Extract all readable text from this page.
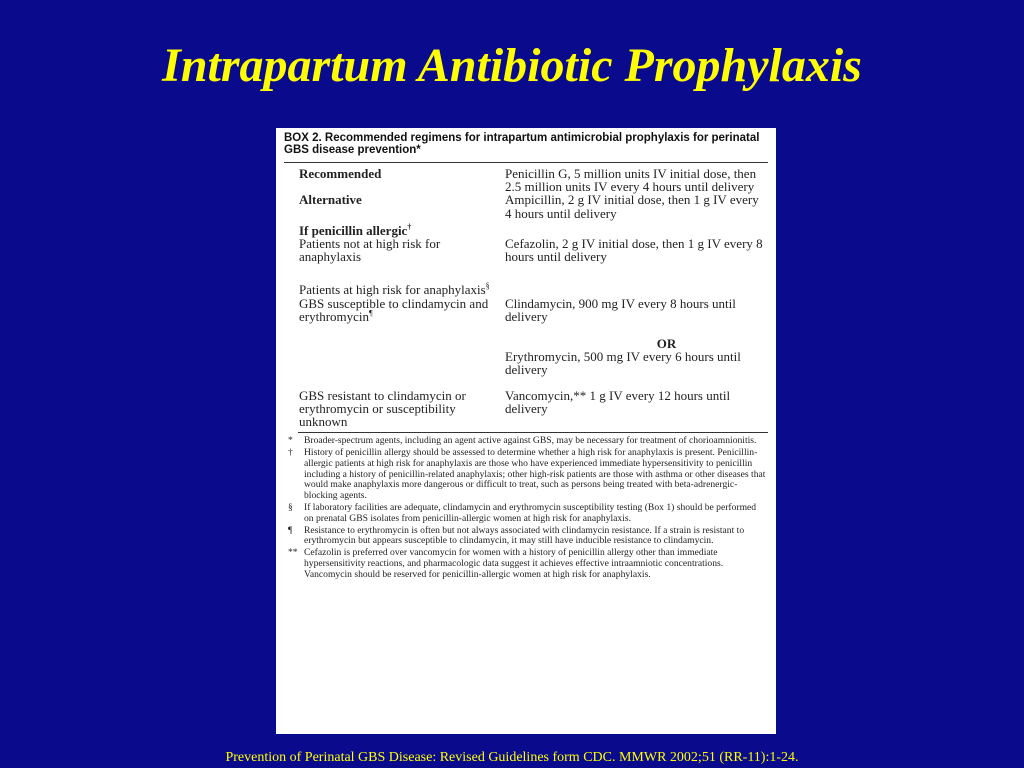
Intrapartum Antibiotic Prophylaxis
BOX 2. Recommended regimens for intrapartum antimicrobial prophylaxis for perinatal GBS disease prevention*
Recommended	Penicillin G, 5 million units IV initial dose, then 2.5 million units IV every 4 hours until delivery
Alternative	Ampicillin, 2 g IV initial dose, then 1 g IV every 4 hours until delivery
If penicillin allergic†	
Patients not at high risk for anaphylaxis	Cefazolin, 2 g IV initial dose, then 1 g IV every 8 hours until delivery
Patients at high risk for anaphylaxis§	
GBS susceptible to clindamycin and erythromycin¶	Clindamycin, 900 mg IV every 8 hours until delivery
OR
Erythromycin, 500 mg IV every 6 hours until delivery

GBS resistant to clindamycin or erythromycin or susceptibility unknown	Vancomycin,** 1 g IV every 12 hours until delivery
*	Broader-spectrum agents, including an agent active against GBS, may be necessary for treatment of chorioamnionitis.
†	History of penicillin allergy should be assessed to determine whether a high risk for anaphylaxis is present. Penicillin-allergic patients at high risk for anaphylaxis are those who have experienced immediate hypersensitivity to penicillin including a history of penicillin-related anaphylaxis; other high-risk patients are those with asthma or other diseases that would make anaphylaxis more dangerous or difficult to treat, such as persons being treated with beta-adrenergic-blocking agents.
§	If laboratory facilities are adequate, clindamycin and erythromycin susceptibility testing (Box 1) should be performed on prenatal GBS isolates from penicillin-allergic women at high risk for anaphylaxis.
¶	Resistance to erythromycin is often but not always associated with clindamycin resistance. If a strain is resistant to erythromycin but appears susceptible to clindamycin, it may still have inducible resistance to clindamycin.
** Cefazolin is preferred over vancomycin for women with a history of penicillin allergy other than immediate hypersensitivity reactions, and pharmacologic data suggest it achieves effective intraamniotic concentrations. Vancomycin should be reserved for penicillin-allergic women at high risk for anaphylaxis.
Prevention of Perinatal GBS Disease: Revised Guidelines form CDC. MMWR 2002;51 (RR-11):1-24.
